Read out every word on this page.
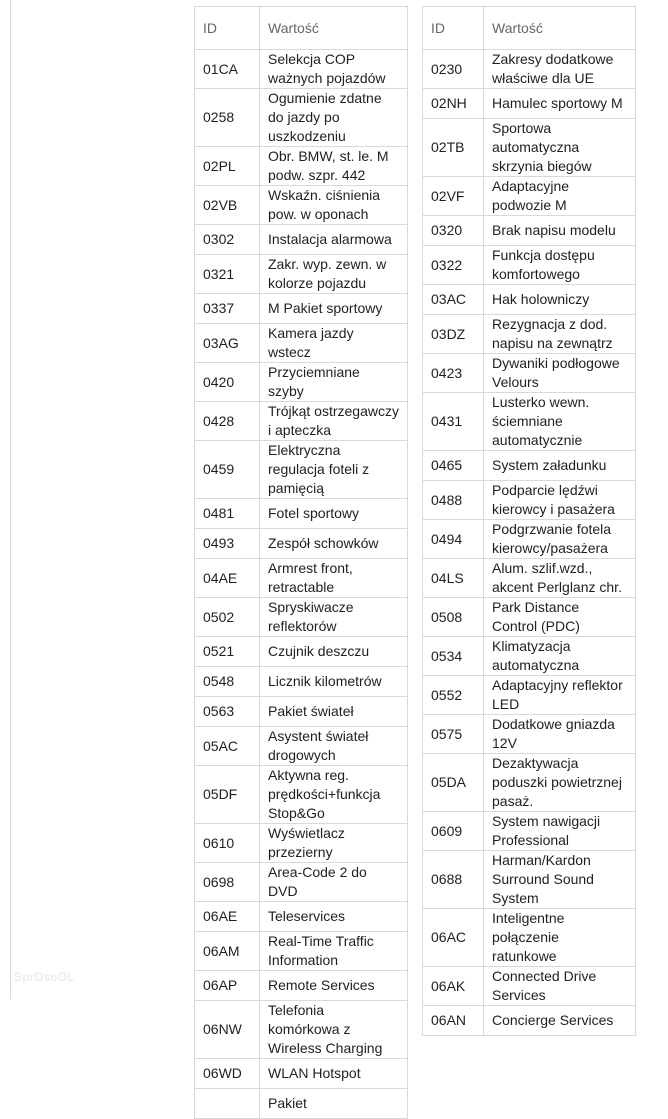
ID	Wartość
01CA	Selekcja COP ważnych pojazdów
0258	Ogumienie zdatne do jazdy po uszkodzeniu
02PL	Obr. BMW, st. le. M podw. szpr. 442
02VB	Wskaźn. ciśnienia pow. w oponach
0302	Instalacja alarmowa
0321	Zakr. wyp. zewn. w kolorze pojazdu
0337	M Pakiet sportowy
03AG	Kamera jazdy wstecz
0420	Przyciemniane szyby
0428	Trójkąt ostrzegawczy i apteczka
0459	Elektryczna regulacja foteli z pamięcią
0481	Fotel sportowy
0493	Zespół schowków
04AE	Armrest front, retractable
0502	Spryskiwacze reflektorów
0521	Czujnik deszczu
0548	Licznik kilometrów
0563	Pakiet świateł
05AC	Asystent świateł drogowych
05DF	Aktywna reg. prędkości+funkcja Stop&Go
0610	Wyświetlacz przezierny
0698	Area-Code 2 do DVD
06AE	Teleservices
06AM	Real-Time Traffic Information
06AP	Remote Services
06NW	Telefonia komórkowa z Wireless Charging
06WD	WLAN Hotspot
	Pakiet
ID	Wartość
0230	Zakresy dodatkowe właściwe dla UE
02NH	Hamulec sportowy M
02TB	Sportowa automatyczna skrzynia biegów
02VF	Adaptacyjne podwozie M
0320	Brak napisu modelu
0322	Funkcja dostępu komfortowego
03AC	Hak holowniczy
03DZ	Rezygnacja z dod. napisu na zewnątrz
0423	Dywaniki podłogowe Velours
0431	Lusterko wewn. ściemniane automatycznie
0465	System załadunku
0488	Podparcie lędźwi kierowcy i pasażera
0494	Podgrzwanie fotela kierowcy/pasażera
04LS	Alum. szlif.wzd., akcent Perlglanz chr.
0508	Park Distance Control (PDC)
0534	Klimatyzacja automatyczna
0552	Adaptacyjny reflektor LED
0575	Dodatkowe gniazda 12V
05DA	Dezaktywacja poduszki powietrznej pasaż.
0609	System nawigacji Professional
0688	Harman/Kardon Surround Sound System
06AC	Inteligentne połączenie ratunkowe
06AK	Connected Drive Services
06AN	Concierge Services
SprOsoOL
